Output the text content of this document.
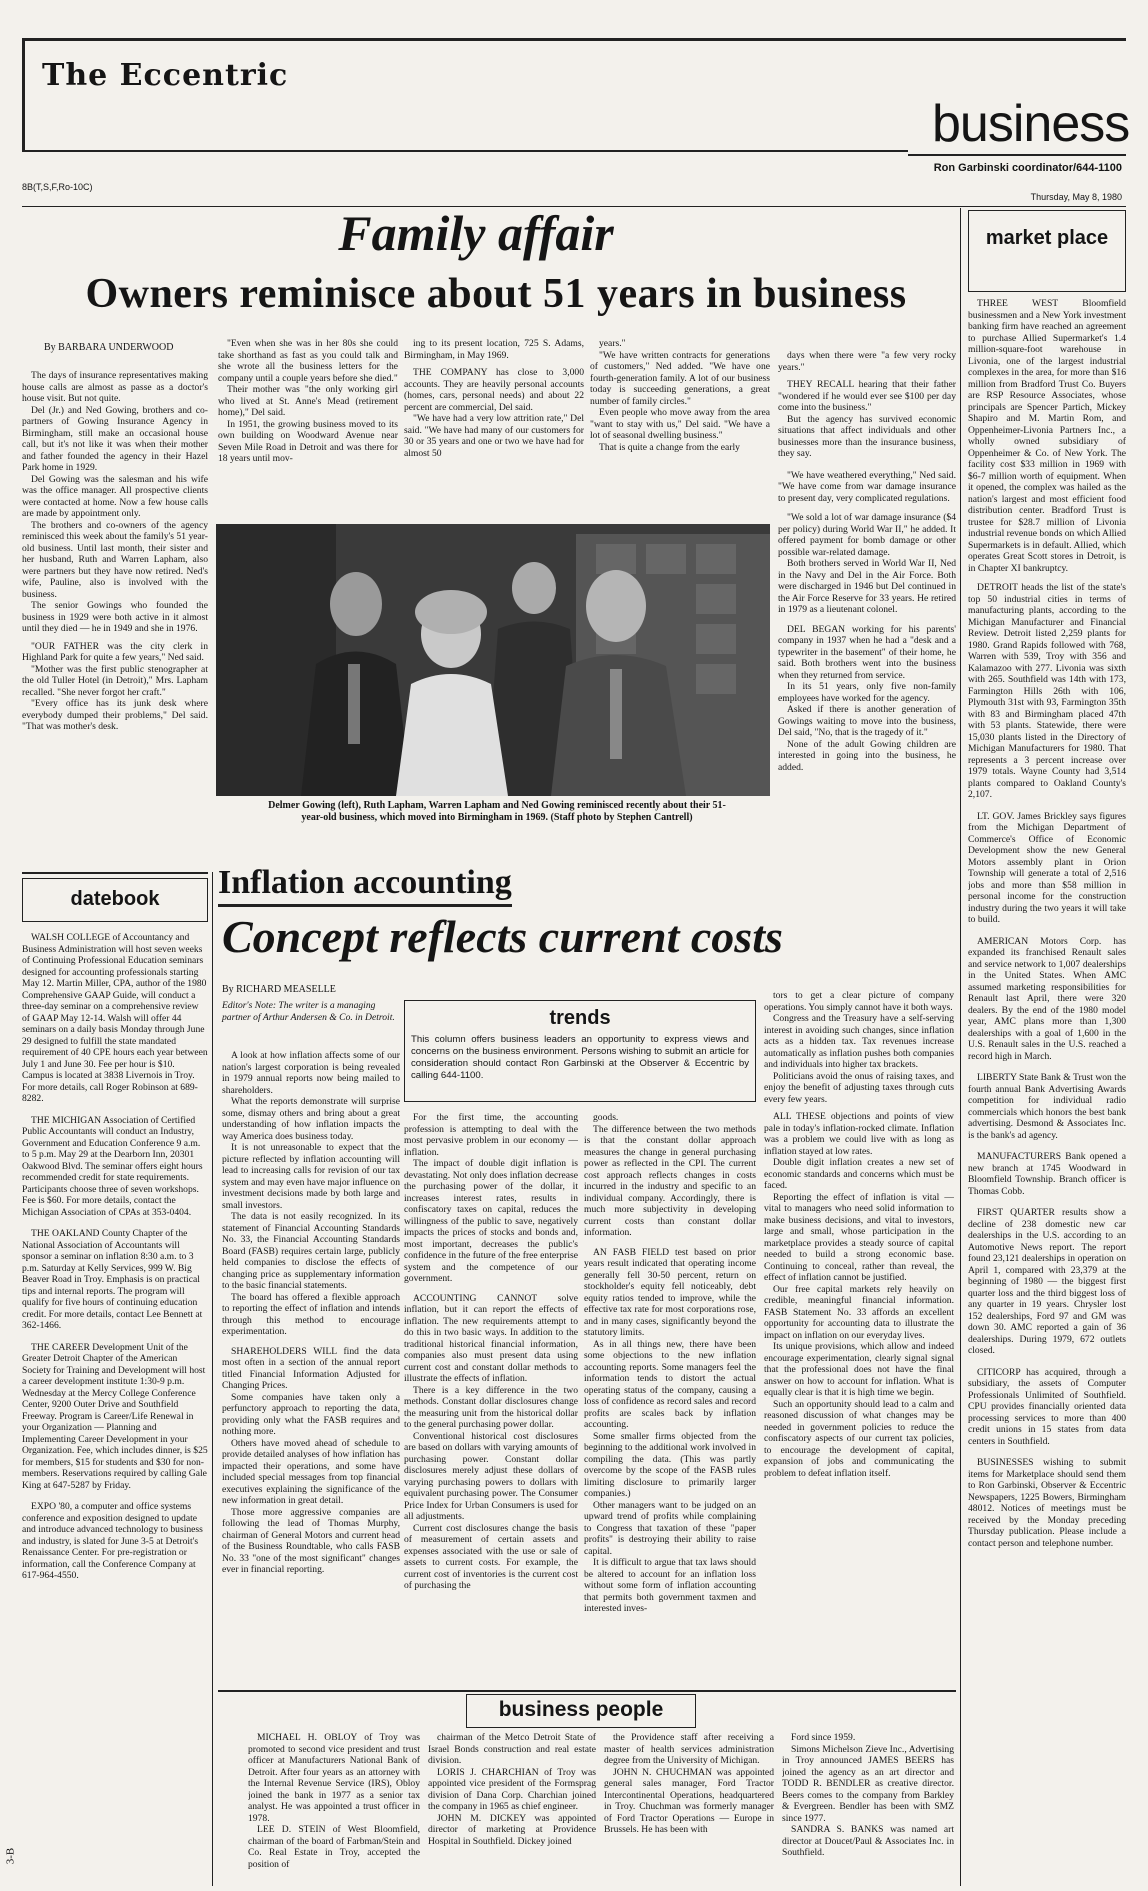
The Eccentric
business
Ron Garbinski coordinator/644-1100
8B(T,S,F,Ro-10C)
Thursday, May 8, 1980
Family affair
Owners reminisce about 51 years in business
By BARBARA UNDERWOOD

The days of insurance representatives making house calls are almost as passe as a doctor's house visit. But not quite.

Del (Jr.) and Ned Gowing, brothers and co-partners of Gowing Insurance Agency in Birmingham, still make an occasional house call, but it's not like it was when their mother and father founded the agency in their Hazel Park home in 1929.

Del Gowing was the salesman and his wife was the office manager. All prospective clients were contacted at home. Now a few house calls are made by appointment only.

The brothers and co-owners of the agency reminisced this week about the family's 51 year-old business. Until last month, their sister and her husband, Ruth and Warren Lapham, also were partners but they have now retired. Ned's wife, Pauline, also is involved with the business.

The senior Gowings who founded the business in 1929 were both active in it almost until they died — he in 1949 and she in 1976.

"OUR FATHER was the city clerk in Highland Park for quite a few years," Ned said.

"Mother was the first public stenographer at the old Tuller Hotel (in Detroit)," Mrs. Lapham recalled. "She never forgot her craft."

"Every office has its junk desk where everybody dumped their problems," Del said. "That was mother's desk.

"Even when she was in her 80s she could take shorthand as fast as you could talk and she wrote all the business letters for the company until a couple years before she died."

Their mother was "the only working girl who lived at St. Anne's Mead (retirement home)," Del said.

In 1951, the growing business moved to its own building on Woodward Avenue near Seven Mile Road in Detroit and was there for 18 years until mov-

ing to its present location, 725 S. Adams, Birmingham, in May 1969.

THE COMPANY has close to 3,000 accounts. They are heavily personal accounts (homes, cars, personal needs) and about 22 percent are commercial, Del said.

"We have had a very low attrition rate," Del said. "We have had many of our customers for 30 or 35 years and one or two we have had for almost 50

years."

"We have written contracts for generations of customers," Ned added. "We have one fourth-generation family. A lot of our business today is succeeding generations, a great number of family circles."

Even people who move away from the area "want to stay with us," Del said. "We have a lot of seasonal dwelling business."

That is quite a change from the early

days when there were "a few very rocky years."

THEY RECALL hearing that their father "wondered if he would ever see $100 per day come into the business."

But the agency has survived economic situations that affect individuals and other businesses more than the insurance business, they say.

"We have weathered everything," Ned said. "We have come from war damage insurance to present day, very complicated regulations.

"We sold a lot of war damage insurance ($4 per policy) during World War II," he added. It offered payment for bomb damage or other possible war-related damage.

Both brothers served in World War II, Ned in the Navy and Del in the Air Force. Both were discharged in 1946 but Del continued in the Air Force Reserve for 33 years. He retired in 1979 as a lieutenant colonel.

DEL BEGAN working for his parents' company in 1937 when he had a "desk and a typewriter in the basement" of their home, he said. Both brothers went into the business when they returned from service.

In its 51 years, only five non-family employees have worked for the agency.

Asked if there is another generation of Gowings waiting to move into the business, Del said, "No, that is the tragedy of it."

None of the adult Gowing children are interested in going into the business, he added.

Delmer Gowing (left), Ruth Lapham, Warren Lapham and Ned Gowing reminisced recently about their 51-year-old business, which moved into Birmingham in 1969. (Staff photo by Stephen Cantrell)
market place

THREE WEST Bloomfield businessmen and a New York investment banking firm have reached an agreement to purchase Allied Supermarket's 1.4 million-square-foot warehouse in Livonia, one of the largest industrial complexes in the area, for more than $16 million from Bradford Trust Co. Buyers are RSP Resource Associates, whose principals are Spencer Partich, Mickey Shapiro and M. Martin Rom, and Oppenheimer-Livonia Partners Inc., a wholly owned subsidiary of Oppenheimer & Co. of New York. The facility cost $33 million in 1969 with $6-7 million worth of equipment. When it opened, the complex was hailed as the nation's largest and most efficient food distribution center. Bradford Trust is trustee for $28.7 million of Livonia industrial revenue bonds on which Allied Supermarkets is in default. Allied, which operates Great Scott stores in Detroit, is in Chapter XI bankruptcy.

DETROIT heads the list of the state's top 50 industrial cities in terms of manufacturing plants, according to the Michigan Manufacturer and Financial Review. Detroit listed 2,259 plants for 1980. Grand Rapids followed with 768, Warren with 539, Troy with 356 and Kalamazoo with 277. Livonia was sixth with 265. Southfield was 14th with 173, Farmington Hills 26th with 106, Plymouth 31st with 93, Farmington 35th with 83 and Birmingham placed 47th with 53 plants. Statewide, there were 15,030 plants listed in the Directory of Michigan Manufacturers for 1980. That represents a 3 percent increase over 1979 totals. Wayne County had 3,514 plants compared to Oakland County's 2,107.

LT. GOV. James Brickley says figures from the Michigan Department of Commerce's Office of Economic Development show the new General Motors assembly plant in Orion Township will generate a total of 2,516 jobs and more than $58 million in personal income for the construction industry during the two years it will take to build.

AMERICAN Motors Corp. has expanded its franchised Renault sales and service network to 1,007 dealerships in the United States. When AMC assumed marketing responsibilities for Renault last April, there were 320 dealers. By the end of the 1980 model year, AMC plans more than 1,300 dealerships with a goal of 1,600 in the U.S. Renault sales in the U.S. reached a record high in March.

LIBERTY State Bank & Trust won the fourth annual Bank Advertising Awards competition for individual radio commercials which honors the best bank advertising. Desmond & Associates Inc. is the bank's ad agency.

MANUFACTURERS Bank opened a new branch at 1745 Woodward in Bloomfield Township. Branch officer is Thomas Cobb.

FIRST QUARTER results show a decline of 238 domestic new car dealerships in the U.S. according to an Automotive News report. The report found 23,121 dealerships in operation on April 1, compared with 23,379 at the beginning of 1980 — the biggest first quarter loss and the third biggest loss of any quarter in 19 years. Chrysler lost 152 dealerships, Ford 97 and GM was down 30. AMC reported a gain of 36 dealerships. During 1979, 672 outlets closed.

CITICORP has acquired, through a subsidiary, the assets of Computer Professionals Unlimited of Southfield. CPU provides financially oriented data processing services to more than 400 credit unions in 15 states from data centers in Southfield.

BUSINESSES wishing to submit items for Marketplace should send them to Ron Garbinski, Observer & Eccentric Newspapers, 1225 Bowers, Birmingham 48012. Notices of meetings must be received by the Monday preceding Thursday publication. Please include a contact person and telephone number.

datebook

WALSH COLLEGE of Accountancy and Business Administration will host seven weeks of Continuing Professional Education seminars designed for accounting professionals starting May 12. Martin Miller, CPA, author of the 1980 Comprehensive GAAP Guide, will conduct a three-day seminar on a comprehensive review of GAAP May 12-14. Walsh will offer 44 seminars on a daily basis Monday through June 29 designed to fulfill the state mandated requirement of 40 CPE hours each year between July 1 and June 30. Fee per hour is $10. Campus is located at 3838 Livernois in Troy. For more details, call Roger Robinson at 689-8282.

THE MICHIGAN Association of Certified Public Accountants will conduct an Industry, Government and Education Conference 9 a.m. to 5 p.m. May 29 at the Dearborn Inn, 20301 Oakwood Blvd. The seminar offers eight hours recommended credit for state requirements. Participants choose three of seven workshops. Fee is $60. For more details, contact the Michigan Association of CPAs at 353-0404.

THE OAKLAND County Chapter of the National Association of Accountants will sponsor a seminar on inflation 8:30 a.m. to 3 p.m. Saturday at Kelly Services, 999 W. Big Beaver Road in Troy. Emphasis is on practical tips and internal reports. The program will qualify for five hours of continuing education credit. For more details, contact Lee Bennett at 362-1466.

THE CAREER Development Unit of the Greater Detroit Chapter of the American Society for Training and Development will host a career development institute 1:30-9 p.m. Wednesday at the Mercy College Conference Center, 9200 Outer Drive and Southfield Freeway. Program is Career/Life Renewal in your Organization — Planning and Implementing Career Development in your Organization. Fee, which includes dinner, is $25 for members, $15 for students and $30 for non-members. Reservations required by calling Gale King at 647-5287 by Friday.

EXPO '80, a computer and office systems conference and exposition designed to update and introduce advanced technology to business and industry, is slated for June 3-5 at Detroit's Renaissance Center. For pre-registration or information, call the Conference Company at 617-964-4550.

3-B
Inflation accounting
Concept reflects current costs
By RICHARD MEASELLE
Editor's Note: The writer is a managing partner of Arthur Andersen & Co. in Detroit.

A look at how inflation affects some of our nation's largest corporation is being revealed in 1979 annual reports now being mailed to shareholders.

What the reports demonstrate will surprise some, dismay others and bring about a great understanding of how inflation impacts the way America does business today.

It is not unreasonable to expect that the picture reflected by inflation accounting will lead to increasing calls for revision of our tax system and may even have major influence on investment decisions made by both large and small investors.

The data is not easily recognized. In its statement of Financial Accounting Standards No. 33, the Financial Accounting Standards Board (FASB) requires certain large, publicly held companies to disclose the effects of changing price as supplementary information to the basic financial statements.

The board has offered a flexible approach to reporting the effect of inflation and intends through this method to encourage experimentation.

SHAREHOLDERS WILL find the data most often in a section of the annual report titled Financial Information Adjusted for Changing Prices.

Some companies have taken only a perfunctory approach to reporting the data, providing only what the FASB requires and nothing more.

Others have moved ahead of schedule to provide detailed analyses of how inflation has impacted their operations, and some have included special messages from top financial executives explaining the significance of the new information in great detail.

Those more aggressive companies are following the lead of Thomas Murphy, chairman of General Motors and current head of the Business Roundtable, who calls FASB No. 33 "one of the most significant" changes ever in financial reporting.

trends
This column offers business leaders an opportunity to express views and concerns on the business environment. Persons wishing to submit an article for consideration should contact Ron Garbinski at the Observer & Eccentric by calling 644-1100.

For the first time, the accounting profession is attempting to deal with the most pervasive problem in our economy — inflation.

The impact of double digit inflation is devastating. Not only does inflation decrease the purchasing power of the dollar, it increases interest rates, results in confiscatory taxes on capital, reduces the willingness of the public to save, negatively impacts the prices of stocks and bonds and, most important, decreases the public's confidence in the future of the free enterprise system and the competence of our government.

ACCOUNTING CANNOT solve inflation, but it can report the effects of inflation. The new requirements attempt to do this in two basic ways. In addition to the traditional historical financial information, companies also must present data using current cost and constant dollar methods to illustrate the effects of inflation.

There is a key difference in the two methods. Constant dollar disclosures change the measuring unit from the historical dollar to the general purchasing power dollar.

Conventional historical cost disclosures are based on dollars with varying amounts of purchasing power. Constant dollar disclosures merely adjust these dollars of varying purchasing powers to dollars with equivalent purchasing power. The Consumer Price Index for Urban Consumers is used for all adjustments.

Current cost disclosures change the basis of measurement of certain assets and expenses associated with the use or sale of assets to current costs. For example, the current cost of inventories is the current cost of purchasing the

goods.

The difference between the two methods is that the constant dollar approach measures the change in general purchasing power as reflected in the CPI. The current cost approach reflects changes in costs incurred in the industry and specific to an individual company. Accordingly, there is much more subjectivity in developing current costs than constant dollar information.

AN FASB FIELD test based on prior years result indicated that operating income generally fell 30-50 percent, return on stockholder's equity fell noticeably, debt equity ratios tended to improve, while the effective tax rate for most corporations rose, and in many cases, significantly beyond the statutory limits.

As in all things new, there have been some objections to the new inflation accounting reports. Some managers feel the information tends to distort the actual operating status of the company, causing a loss of confidence as record sales and record profits are scales back by inflation accounting.

Some smaller firms objected from the beginning to the additional work involved in compiling the data. (This was partly overcome by the scope of the FASB rules limiting disclosure to primarily larger companies.)

Other managers want to be judged on an upward trend of profits while complaining to Congress that taxation of these "paper profits" is destroying their ability to raise capital.

It is difficult to argue that tax laws should be altered to account for an inflation loss without some form of inflation accounting that permits both government taxmen and interested inves-

tors to get a clear picture of company operations. You simply cannot have it both ways.

Congress and the Treasury have a self-serving interest in avoiding such changes, since inflation acts as a hidden tax. Tax revenues increase automatically as inflation pushes both companies and individuals into higher tax brackets.

Politicians avoid the onus of raising taxes, and enjoy the benefit of adjusting taxes through cuts every few years.

ALL THESE objections and points of view pale in today's inflation-rocked climate. Inflation was a problem we could live with as long as inflation stayed at low rates.

Double digit inflation creates a new set of economic standards and concerns which must be faced.

Reporting the effect of inflation is vital — vital to managers who need solid information to make business decisions, and vital to investors, large and small, whose participation in the marketplace provides a steady source of capital needed to build a strong economic base. Continuing to conceal, rather than reveal, the effect of inflation cannot be justified.

Our free capital markets rely heavily on credible, meaningful financial information. FASB Statement No. 33 affords an excellent opportunity for accounting data to illustrate the impact on inflation on our everyday lives.

Its unique provisions, which allow and indeed encourage experimentation, clearly signal signal that the professional does not have the final answer on how to account for inflation. What is equally clear is that it is high time we begin.

Such an opportunity should lead to a calm and reasoned discussion of what changes may be needed in government policies to reduce the confiscatory aspects of our current tax policies, to encourage the development of capital, expansion of jobs and communicating the problem to defeat inflation itself.

business people

MICHAEL H. OBLOY of Troy was promoted to second vice president and trust officer at Manufacturers National Bank of Detroit. After four years as an attorney with the Internal Revenue Service (IRS), Obloy joined the bank in 1977 as a senior tax analyst. He was appointed a trust officer in 1978.

LEE D. STEIN of West Bloomfield, chairman of the board of Farbman/Stein and Co. Real Estate in Troy, accepted the position of

chairman of the Metco Detroit State of Israel Bonds construction and real estate division.

LORIS J. CHARCHIAN of Troy was appointed vice president of the Formsprag division of Dana Corp. Charchian joined the company in 1965 as chief engineer.

JOHN M. DICKEY was appointed director of marketing at Providence Hospital in Southfield. Dickey joined

the Providence staff after receiving a master of health services administration degree from the University of Michigan.

JOHN N. CHUCHMAN was appointed general sales manager, Ford Tractor Intercontinental Operations, headquartered in Troy. Chuchman was formerly manager of Ford Tractor Operations — Europe in Brussels. He has been with

Ford since 1959.

Simons Michelson Zieve Inc., Advertising in Troy announced JAMES BEERS has joined the agency as an art director and TODD R. BENDLER as creative director. Beers comes to the company from Barkley & Evergreen. Bendler has been with SMZ since 1977.

SANDRA S. BANKS was named art director at Doucet/Paul & Associates Inc. in Southfield.
